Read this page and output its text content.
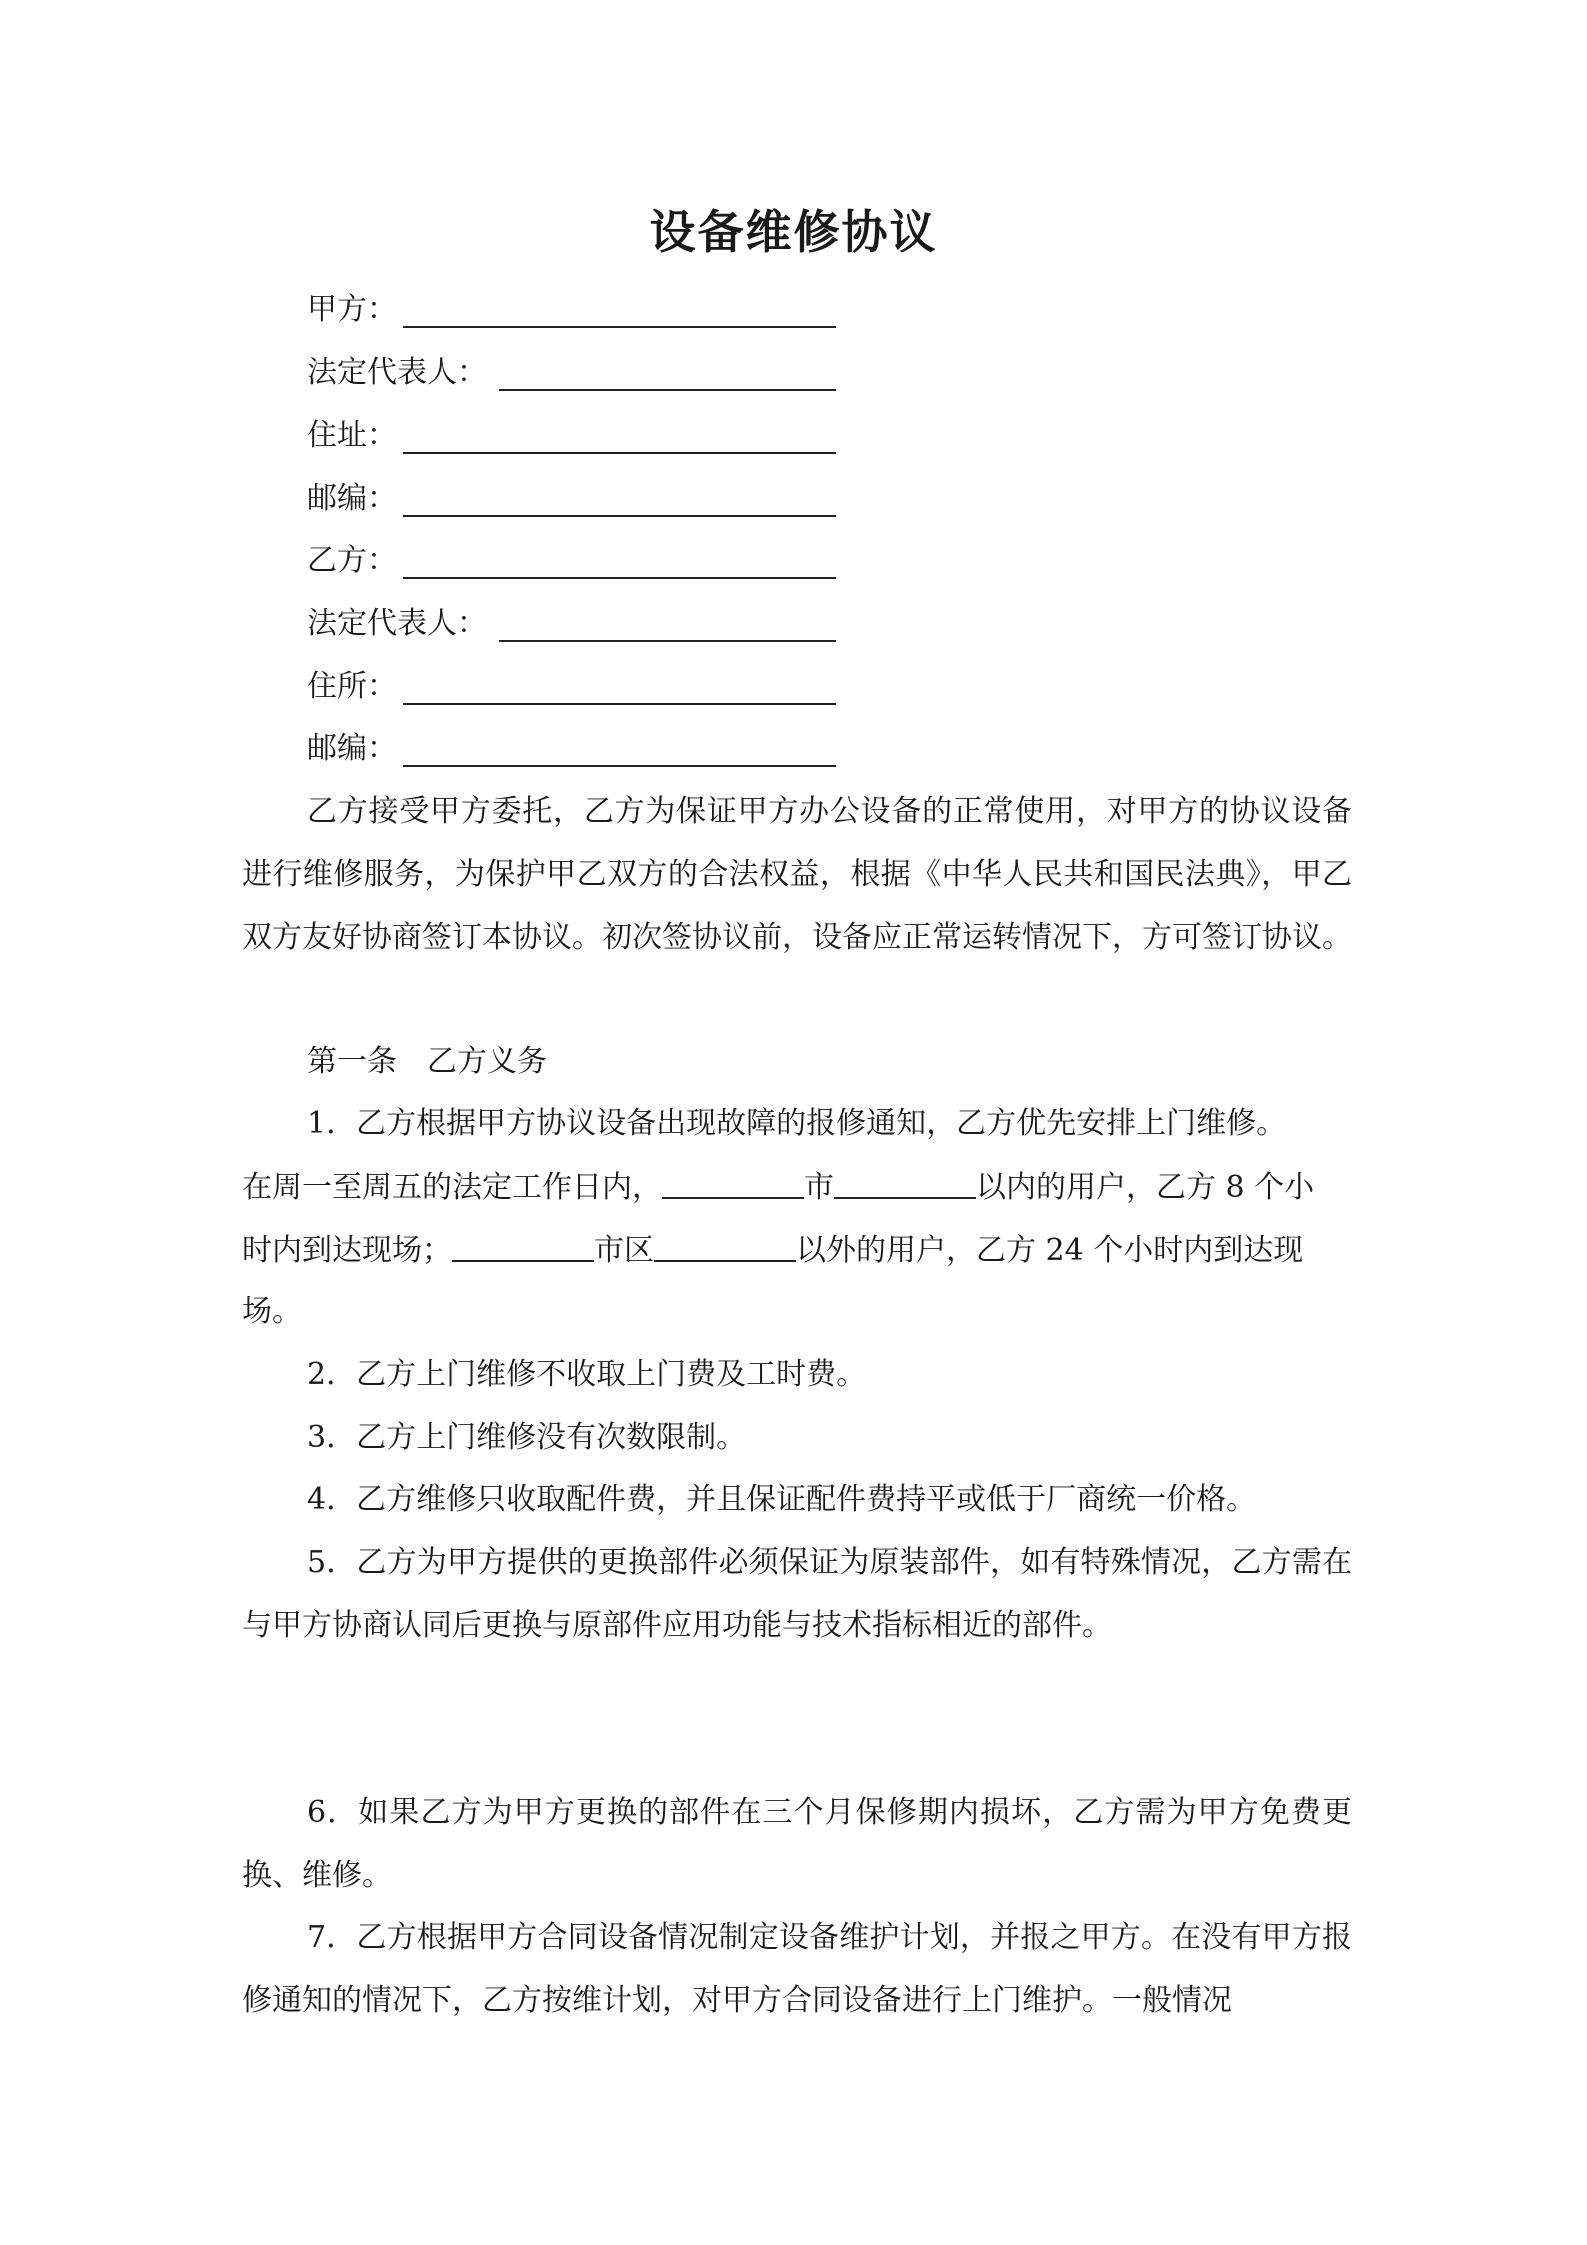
设备维修协议
甲方：
法定代表人：
住址：
邮编：
乙方：
法定代表人：
住所：
邮编：
乙方接受甲方委托，乙方为保证甲方办公设备的正常使用，对甲方的协议设备进行维修服务，为保护甲乙双方的合法权益，根据《中华人民共和国民法典》，甲乙双方友好协商签订本协议。初次签协议前，设备应正常运转情况下，方可签订协议。
第一条　乙方义务
1．乙方根据甲方协议设备出现故障的报修通知，乙方优先安排上门维修。
在周一至周五的法定工作日内，	市	以内的用户，乙方 8 个小
时内到达现场；	市区	以外的用户，乙方 24 个小时内到达现
场。
2．乙方上门维修不收取上门费及工时费。
3．乙方上门维修没有次数限制。
4．乙方维修只收取配件费，并且保证配件费持平或低于厂商统一价格。
5．乙方为甲方提供的更换部件必须保证为原装部件，如有特殊情况，乙方需在与甲方协商认同后更换与原部件应用功能与技术指标相近的部件。
6．如果乙方为甲方更换的部件在三个月保修期内损坏，乙方需为甲方免费更换、维修。
7．乙方根据甲方合同设备情况制定设备维护计划，并报之甲方。在没有甲方报修通知的情况下，乙方按维计划，对甲方合同设备进行上门维护。一般情况
